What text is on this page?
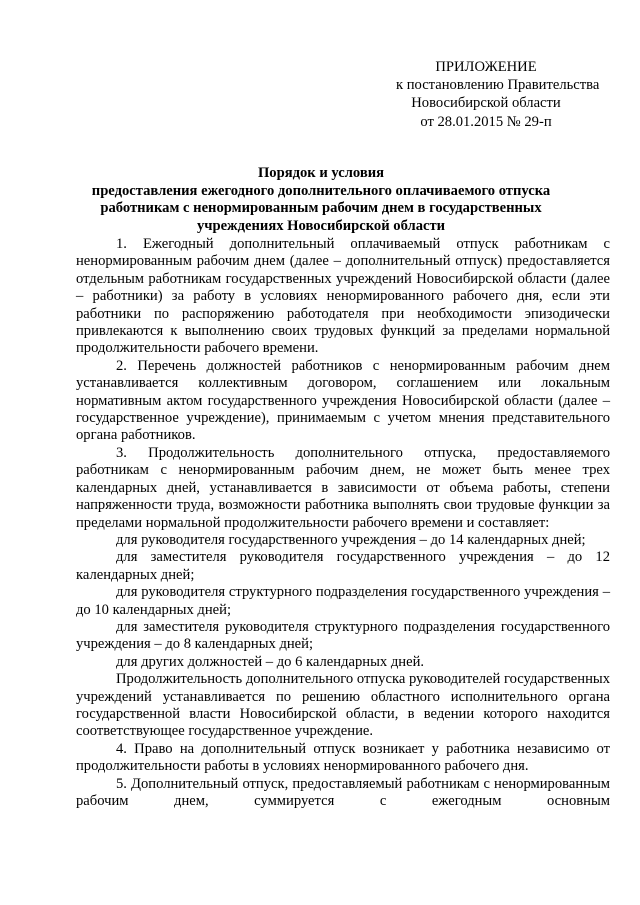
ПРИЛОЖЕНИЕ
к постановлению Правительства
Новосибирской области
от 28.01.2015 № 29-п
Порядок и условия
предоставления ежегодного дополнительного оплачиваемого отпуска
работникам с ненормированным рабочим днем в государственных
учреждениях Новосибирской области

1. Ежегодный дополнительный оплачиваемый отпуск работникам с ненормированным рабочим днем (далее – дополнительный отпуск) предоставляется отдельным работникам государственных учреждений Новосибирской области (далее – работники) за работу в условиях ненормированного рабочего дня, если эти работники по распоряжению работодателя при необходимости эпизодически привлекаются к выполнению своих трудовых функций за пределами нормальной продолжительности рабочего времени.

2. Перечень должностей работников с ненормированным рабочим днем устанавливается коллективным договором, соглашением или локальным нормативным актом государственного учреждения Новосибирской области (далее – государственное учреждение), принимаемым с учетом мнения представительного органа работников.

3. Продолжительность дополнительного отпуска, предоставляемого работникам с ненормированным рабочим днем, не может быть менее трех календарных дней, устанавливается в зависимости от объема работы, степени напряженности труда, возможности работника выполнять свои трудовые функции за пределами нормальной продолжительности рабочего времени и составляет:

для руководителя государственного учреждения – до 14 календарных дней;

для заместителя руководителя государственного учреждения – до 12 календарных дней;

для руководителя структурного подразделения государственного учреждения – до 10 календарных дней;

для заместителя руководителя структурного подразделения государственного учреждения – до 8 календарных дней;

для других должностей – до 6 календарных дней.

Продолжительность дополнительного отпуска руководителей государственных учреждений устанавливается по решению областного исполнительного органа государственной власти Новосибирской области, в ведении которого находится соответствующее государственное учреждение.

4. Право на дополнительный отпуск возникает у работника независимо от продолжительности работы в условиях ненормированного рабочего дня.

5. Дополнительный отпуск, предоставляемый работникам с ненормированным рабочим днем, суммируется с ежегодным основным
